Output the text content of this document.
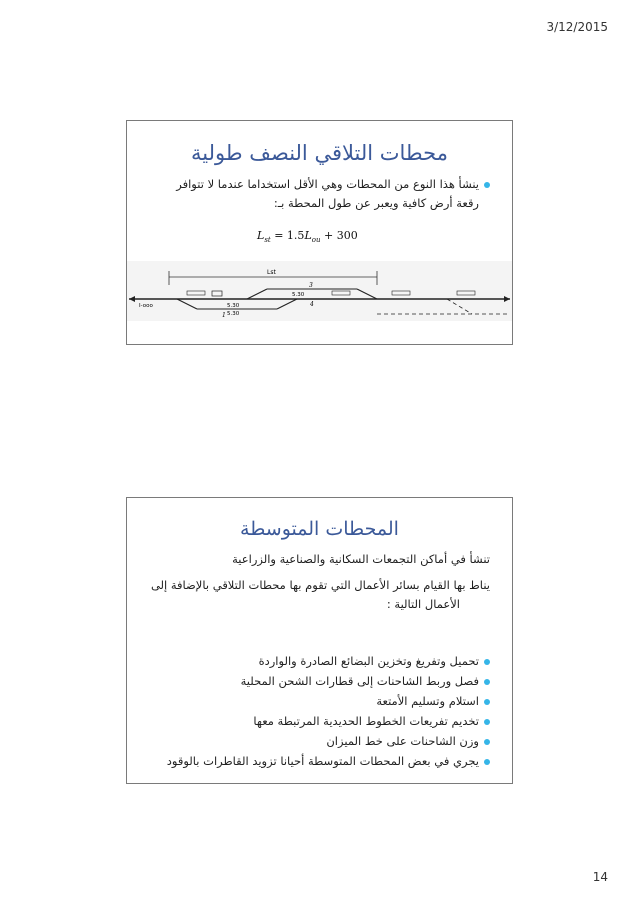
3/12/2015
محطات التلاقي النصف طولية
ينشأ هذا النوع من المحطات وهي الأقل استخداما عندما لا تتوافر
رقعة أرض كافية ويعبر عن طول المحطة بـ:
$L_{st} = 1.5L_{ou} + 300$
Lst
3
1
4
5.30
5.30
5.30
I-ooo
المحطات المتوسطة
تنشأ في أماكن التجمعات السكانية والصناعية والزراعية
يناط بها القيام بسائر الأعمال التي تقوم بها محطات التلاقي بالإضافة إلى
الأعمال التالية :
تحميل وتفريغ وتخزين البضائع الصادرة والواردة
فصل وربط الشاحنات إلى قطارات الشحن المحلية
استلام وتسليم الأمتعة
تخديم تفريعات الخطوط الحديدية المرتبطة معها
وزن الشاحنات على خط الميزان
يجري في بعض المحطات المتوسطة أحيانا تزويد القاطرات بالوقود
14
